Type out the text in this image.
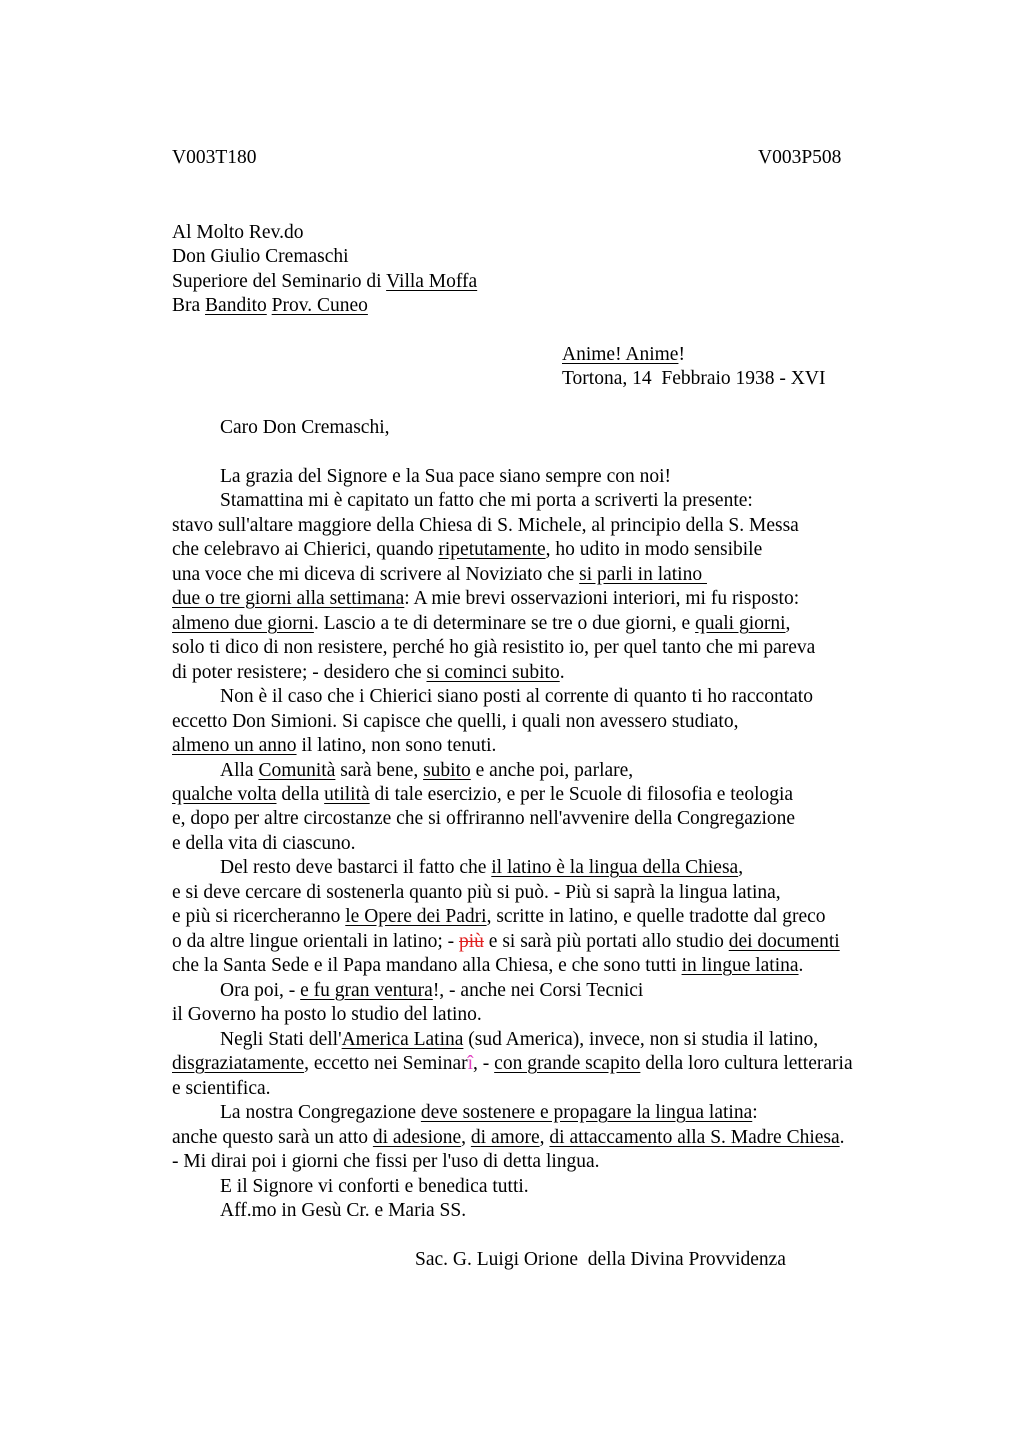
V003T180	V003P508
Al Molto Rev.do
Don Giulio Cremaschi
Superiore del Seminario di Villa Moffa
Bra Bandito Prov. Cuneo
Anime! Anime!
Tortona, 14  Febbraio 1938 - XVI
Caro Don Cremaschi,
La grazia del Signore e la Sua pace siano sempre con noi!
Stamattina mi è capitato un fatto che mi porta a scriverti la presente:
stavo sull'altare maggiore della Chiesa di S. Michele, al principio della S. Messa
che celebravo ai Chierici, quando ripetutamente, ho udito in modo sensibile
una voce che mi diceva di scrivere al Noviziato che si parli in latino
due o tre giorni alla settimana: A mie brevi osservazioni interiori, mi fu risposto:
almeno due giorni. Lascio a te di determinare se tre o due giorni, e quali giorni,
solo ti dico di non resistere, perché ho già resistito io, per quel tanto che mi pareva
di poter resistere; - desidero che si cominci subito.
Non è il caso che i Chierici siano posti al corrente di quanto ti ho raccontato
eccetto Don Simioni. Si capisce che quelli, i quali non avessero studiato,
almeno un anno il latino, non sono tenuti.
Alla Comunità sarà bene, subito e anche poi, parlare,
qualche volta della utilità di tale esercizio, e per le Scuole di filosofia e teologia
e, dopo per altre circostanze che si offriranno nell'avvenire della Congregazione
e della vita di ciascuno.
Del resto deve bastarci il fatto che il latino è la lingua della Chiesa,
e si deve cercare di sostenerla quanto più si può. - Più si saprà la lingua latina,
e più si ricercheranno le Opere dei Padri, scritte in latino, e quelle tradotte dal greco
o da altre lingue orientali in latino; - più e si sarà più portati allo studio dei documenti
che la Santa Sede e il Papa mandano alla Chiesa, e che sono tutti in lingue latina.
Ora poi, - e fu gran ventura!, - anche nei Corsi Tecnici
il Governo ha posto lo studio del latino.
Negli Stati dell'America Latina (sud America), invece, non si studia il latino,
disgraziatamente, eccetto nei Seminarî, - con grande scapito della loro cultura letteraria
e scientifica.
La nostra Congregazione deve sostenere e propagare la lingua latina:
anche questo sarà un atto di adesione, di amore, di attaccamento alla S. Madre Chiesa.
- Mi dirai poi i giorni che fissi per l'uso di detta lingua.
E il Signore vi conforti e benedica tutti.
Aff.mo in Gesù Cr. e Maria SS.
Sac. G. Luigi Orione  della Divina Provvidenza
